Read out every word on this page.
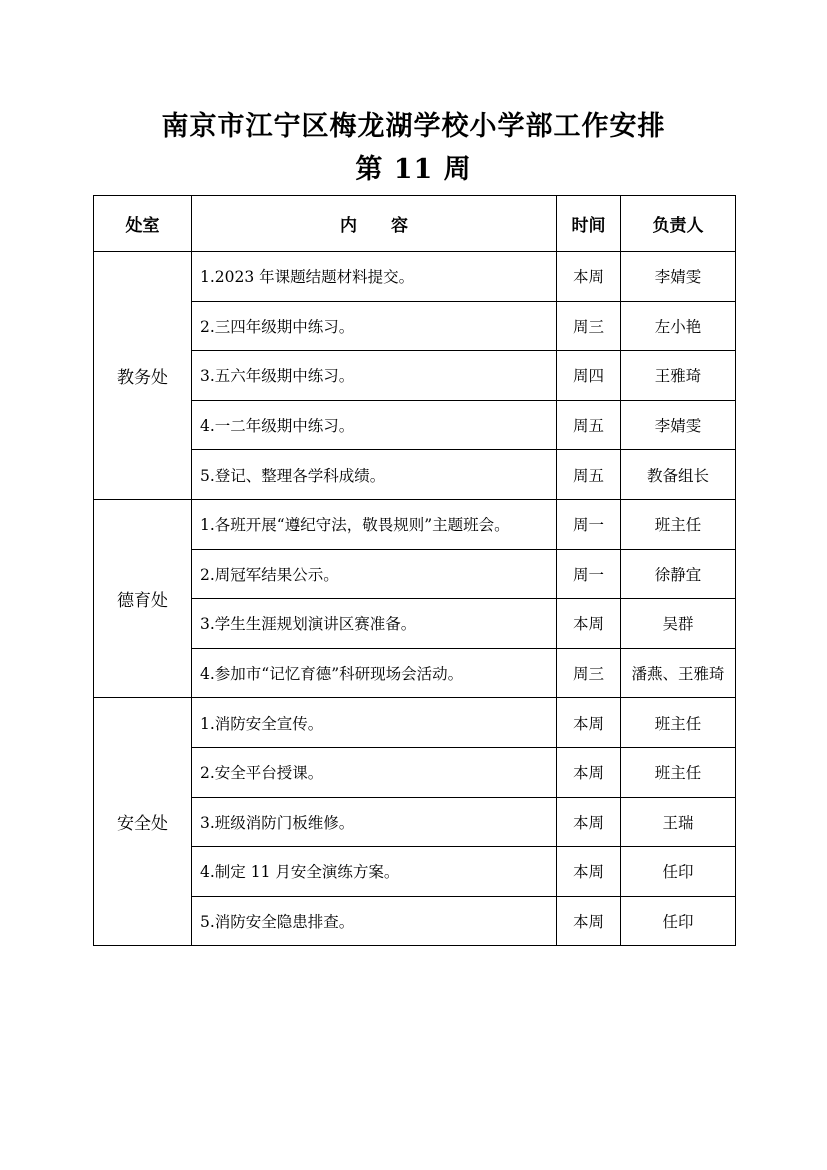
南京市江宁区梅龙湖学校小学部工作安排
第 11 周
处室	内　　容	时间	负责人
教务处	1.2023 年课题结题材料提交。	本周	李婧雯
	2.三四年级期中练习。	周三	左小艳
	3.五六年级期中练习。	周四	王雅琦
	4.一二年级期中练习。	周五	李婧雯
	5.登记、整理各学科成绩。	周五	教备组长
德育处	1.各班开展“遵纪守法，敬畏规则”主题班会。	周一	班主任
	2.周冠军结果公示。	周一	徐静宜
	3.学生生涯规划演讲区赛准备。	本周	吴群
	4.参加市“记忆育德”科研现场会活动。	周三	潘燕、王雅琦
安全处	1.消防安全宣传。	本周	班主任
	2.安全平台授课。	本周	班主任
	3.班级消防门板维修。	本周	王瑞
	4.制定 11 月安全演练方案。	本周	任印
	5.消防安全隐患排查。	本周	任印
